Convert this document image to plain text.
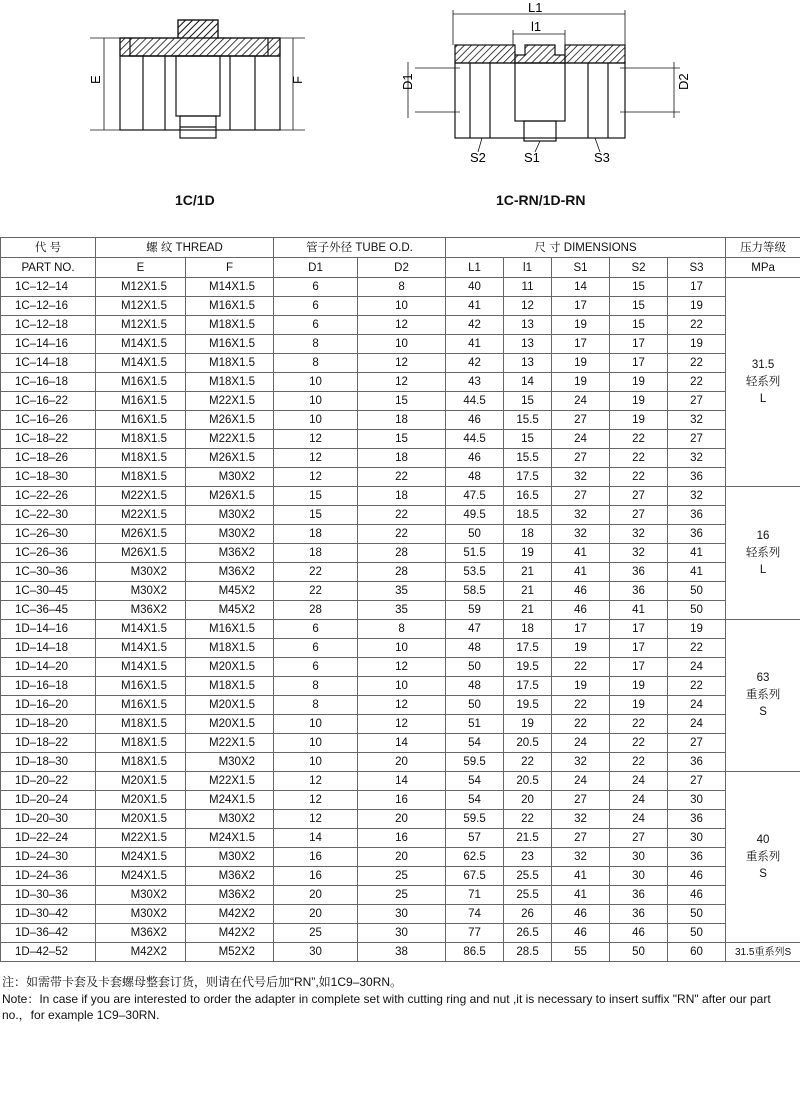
E	F
L1
l1
D1	D2
S2	S1	S3
1C/1D	1C-RN/1D-RN
代 号	螺 纹 THREAD		管子外径 TUBE O.D.		尺 寸 DIMENSIONS					压力等级
PART NO.	E	F	D1	D2	L1	l1	S1	S2	S3	MPa
1C–12–14	M12X1.5	M14X1.5	6	8	40	11	14	15	17	31.5
轻系列
L

1C–12–16	M12X1.5	M16X1.5	6	10	41	12	17	15	19	
1C–12–18	M12X1.5	M18X1.5	6	12	42	13	19	15	22	
1C–14–16	M14X1.5	M16X1.5	8	10	41	13	17	17	19	
1C–14–18	M14X1.5	M18X1.5	8	12	42	13	19	17	22	
1C–16–18	M16X1.5	M18X1.5	10	12	43	14	19	19	22	
1C–16–22	M16X1.5	M22X1.5	10	15	44.5	15	24	19	27	
1C–16–26	M16X1.5	M26X1.5	10	18	46	15.5	27	19	32	
1C–18–22	M18X1.5	M22X1.5	12	15	44.5	15	24	22	27	
1C–18–26	M18X1.5	M26X1.5	12	18	46	15.5	27	22	32	
1C–18–30	M18X1.5	M30X2	12	22	48	17.5	32	22	36	
1C–22–26	M22X1.5	M26X1.5	15	18	47.5	16.5	27	27	32	16
轻系列
L

1C–22–30	M22X1.5	M30X2	15	22	49.5	18.5	32	27	36	
1C–26–30	M26X1.5	M30X2	18	22	50	18	32	32	36	
1C–26–36	M26X1.5	M36X2	18	28	51.5	19	41	32	41	
1C–30–36	M30X2	M36X2	22	28	53.5	21	41	36	41	
1C–30–45	M30X2	M45X2	22	35	58.5	21	46	36	50	
1C–36–45	M36X2	M45X2	28	35	59	21	46	41	50	
1D–14–16	M14X1.5	M16X1.5	6	8	47	18	17	17	19	63
重系列
S

1D–14–18	M14X1.5	M18X1.5	6	10	48	17.5	19	17	22	
1D–14–20	M14X1.5	M20X1.5	6	12	50	19.5	22	17	24	
1D–16–18	M16X1.5	M18X1.5	8	10	48	17.5	19	19	22	
1D–16–20	M16X1.5	M20X1.5	8	12	50	19.5	22	19	24	
1D–18–20	M18X1.5	M20X1.5	10	12	51	19	22	22	24	
1D–18–22	M18X1.5	M22X1.5	10	14	54	20.5	24	22	27	
1D–18–30	M18X1.5	M30X2	10	20	59.5	22	32	22	36	
1D–20–22	M20X1.5	M22X1.5	12	14	54	20.5	24	24	27	40
重系列
S

1D–20–24	M20X1.5	M24X1.5	12	16	54	20	27	24	30	
1D–20–30	M20X1.5	M30X2	12	20	59.5	22	32	24	36	
1D–22–24	M22X1.5	M24X1.5	14	16	57	21.5	27	27	30	
1D–24–30	M24X1.5	M30X2	16	20	62.5	23	32	30	36	
1D–24–36	M24X1.5	M36X2	16	25	67.5	25.5	41	30	46	
1D–30–36	M30X2	M36X2	20	25	71	25.5	41	36	46	
1D–30–42	M30X2	M42X2	20	30	74	26	46	36	50	
1D–36–42	M36X2	M42X2	25	30	77	26.5	46	46	50	
1D–42–52	M42X2	M52X2	30	38	86.5	28.5	55	50	60	31.5重系列S
注：如需带卡套及卡套螺母整套订货，则请在代号后加“RN”,如1C9–30RN。
Note：In case if you are interested to order the adapter in complete set with cutting ring and nut ,it is necessary to insert suffix "RN" after our part no.，for example 1C9–30RN.
